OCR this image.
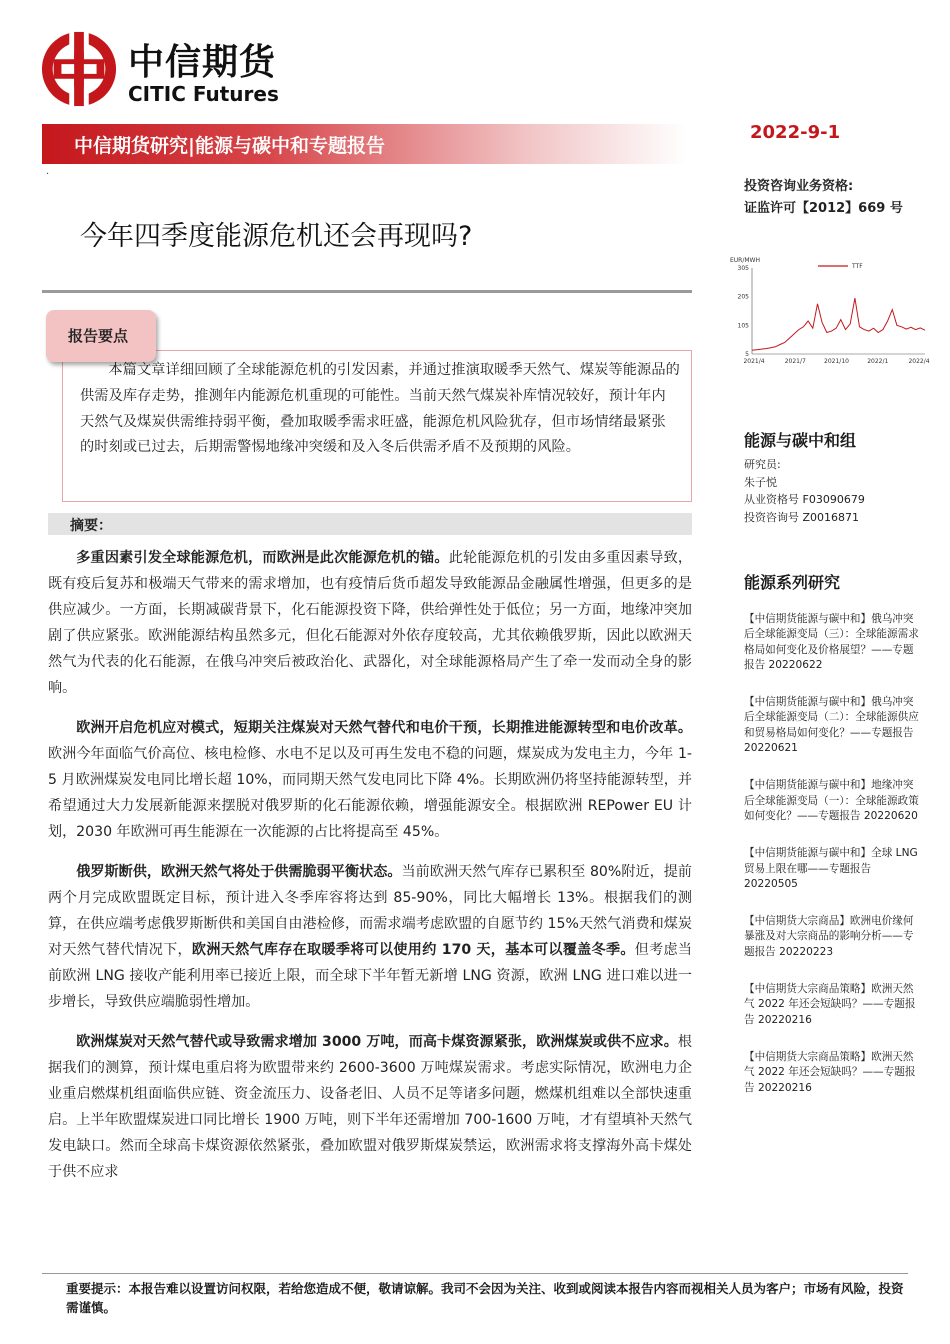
中信期货
CITIC Futures
中信期货研究|能源与碳中和专题报告
2022-9-1
.
投资咨询业务资格:
证监许可【2012】669 号
今年四季度能源危机还会再现吗?
报告要点
本篇文章详细回顾了全球能源危机的引发因素，并通过推演取暖季天然气、煤炭等能源品的供需及库存走势，推测年内能源危机重现的可能性。当前天然气煤炭补库情况较好，预计年内天然气及煤炭供需维持弱平衡，叠加取暖季需求旺盛，能源危机风险犹存，但市场情绪最紧张的时刻或已过去，后期需警惕地缘冲突缓和及入冬后供需矛盾不及预期的风险。
摘要：

多重因素引发全球能源危机，而欧洲是此次能源危机的锚。此轮能源危机的引发由多重因素导致，既有疫后复苏和极端天气带来的需求增加，也有疫情后货币超发导致能源品金融属性增强，但更多的是供应减少。一方面，长期减碳背景下，化石能源投资下降，供给弹性处于低位；另一方面，地缘冲突加剧了供应紧张。欧洲能源结构虽然多元，但化石能源对外依存度较高，尤其依赖俄罗斯，因此以欧洲天然气为代表的化石能源，在俄乌冲突后被政治化、武器化，对全球能源格局产生了牵一发而动全身的影响。

欧洲开启危机应对模式，短期关注煤炭对天然气替代和电价干预，长期推进能源转型和电价改革。欧洲今年面临气价高位、核电检修、水电不足以及可再生发电不稳的问题，煤炭成为发电主力，今年 1-5 月欧洲煤炭发电同比增长超 10%，而同期天然气发电同比下降 4%。长期欧洲仍将坚持能源转型，并希望通过大力发展新能源来摆脱对俄罗斯的化石能源依赖，增强能源安全。根据欧洲 REPower EU 计划，2030 年欧洲可再生能源在一次能源的占比将提高至 45%。

俄罗斯断供，欧洲天然气将处于供需脆弱平衡状态。当前欧洲天然气库存已累积至 80%附近，提前两个月完成欧盟既定目标，预计进入冬季库容将达到 85-90%，同比大幅增长 13%。根据我们的测算，在供应端考虑俄罗斯断供和美国自由港检修，而需求端考虑欧盟的自愿节约 15%天然气消费和煤炭对天然气替代情况下，欧洲天然气库存在取暖季将可以使用约 170 天，基本可以覆盖冬季。但考虑当前欧洲 LNG 接收产能利用率已接近上限，而全球下半年暂无新增 LNG 资源，欧洲 LNG 进口难以进一步增长，导致供应端脆弱性增加。

欧洲煤炭对天然气替代或导致需求增加 3000 万吨，而高卡煤资源紧张，欧洲煤炭或供不应求。根据我们的测算，预计煤电重启将为欧盟带来约 2600-3600 万吨煤炭需求。考虑实际情况，欧洲电力企业重启燃煤机组面临供应链、资金流压力、设备老旧、人员不足等诸多问题，燃煤机组难以全部快速重启。上半年欧盟煤炭进口同比增长 1900 万吨，则下半年还需增加 700-1600 万吨，才有望填补天然气发电缺口。然而全球高卡煤资源依然紧张，叠加欧盟对俄罗斯煤炭禁运，欧洲需求将支撑海外高卡煤处于供不应求

EUR/MWH
305
205
105
5
2021/4	2021/7	2021/10	2022/1	2022/4
TTF
能源与碳中和组
研究员:
朱子悦
从业资格号 F03090679
投资咨询号 Z0016871
能源系列研究
【中信期货能源与碳中和】俄乌冲突后全球能源变局（三）：全球能源需求格局如何变化及价格展望？——专题报告 20220622
【中信期货能源与碳中和】俄乌冲突后全球能源变局（二）：全球能源供应和贸易格局如何变化？——专题报告 20220621
【中信期货能源与碳中和】地缘冲突后全球能源变局（一）：全球能源政策如何变化？——专题报告 20220620
【中信期货能源与碳中和】全球 LNG 贸易上限在哪——专题报告 20220505
【中信期货大宗商品】欧洲电价缘何暴涨及对大宗商品的影响分析——专题报告 20220223
【中信期货大宗商品策略】欧洲天然气 2022 年还会短缺吗？——专题报告 20220216
【中信期货大宗商品策略】欧洲天然气 2022 年还会短缺吗？——专题报告 20220216
重要提示：本报告难以设置访问权限，若给您造成不便，敬请谅解。我司不会因为关注、收到或阅读本报告内容而视相关人员为客户；市场有风险，投资需谨慎。
